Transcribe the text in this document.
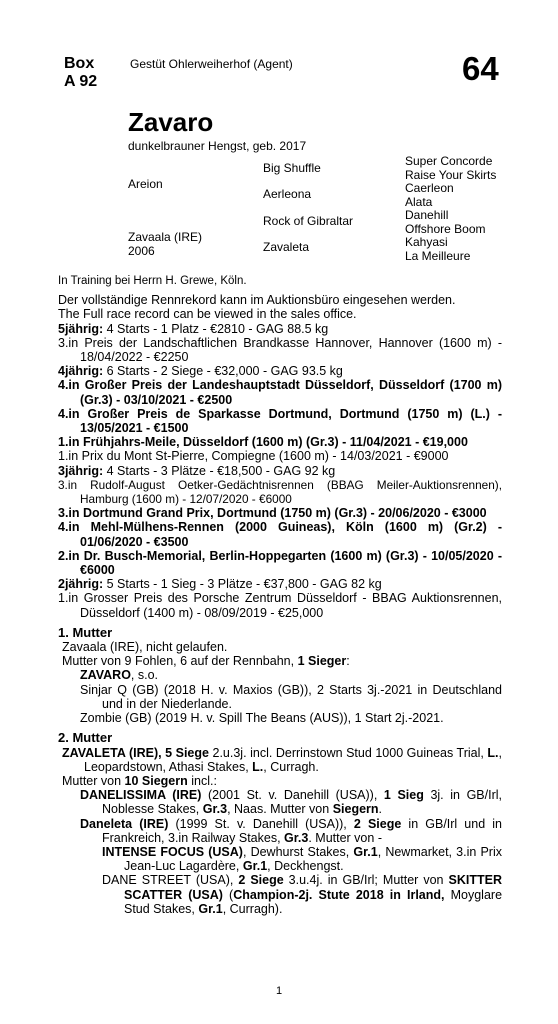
Box
A 92
Gestüt Ohlerweiherhof (Agent)	64
Zavaro
dunkelbrauner Hengst, geb. 2017
Areion
Zavaala (IRE)
2006
Big Shuffle
Aerleona
Rock of Gibraltar
Zavaleta
Super Concorde
Raise Your Skirts
Caerleon
Alata
Danehill
Offshore Boom
Kahyasi
La Meilleure

In Training bei Herrn H. Grewe, Köln.

Der vollständige Rennrekord kann im Auktionsbüro eingesehen werden.

The Full race record can be viewed in the sales office.

5jährig: 4 Starts - 1 Platz - €2810 - GAG 88.5 kg

3.in Preis der Landschaftlichen Brandkasse Hannover, Hannover (1600 m) - 18/04/2022 - €2250

4jährig: 6 Starts - 2 Siege - €32,000 - GAG 93.5 kg

4.in Großer Preis der Landeshauptstadt Düsseldorf, Düsseldorf (1700 m) (Gr.3) - 03/10/2021 - €2500

4.in Großer Preis de Sparkasse Dortmund, Dortmund (1750 m) (L.) - 13/05/2021 - €1500

1.in Frühjahrs-Meile, Düsseldorf (1600 m) (Gr.3) - 11/04/2021 - €19,000

1.in Prix du Mont St-Pierre, Compiegne (1600 m) - 14/03/2021 - €9000

3jährig: 4 Starts - 3 Plätze - €18,500 - GAG 92 kg

3.in Rudolf-August Oetker-Gedächtnisrennen (BBAG Meiler-Auktionsrennen), Hamburg (1600 m) - 12/07/2020 - €6000

3.in Dortmund Grand Prix, Dortmund (1750 m) (Gr.3) - 20/06/2020 - €3000

4.in Mehl-Mülhens-Rennen (2000 Guineas), Köln (1600 m) (Gr.2) - 01/06/2020 - €3500

2.in Dr. Busch-Memorial, Berlin-Hoppegarten (1600 m) (Gr.3) - 10/05/2020 - €6000

2jährig: 5 Starts - 1 Sieg - 3 Plätze - €37,800 - GAG 82 kg

1.in Grosser Preis des Porsche Zentrum Düsseldorf - BBAG Auktionsrennen, Düsseldorf (1400 m) - 08/09/2019 - €25,000

1. Mutter

Zavaala (IRE), nicht gelaufen.

Mutter von 9 Fohlen, 6 auf der Rennbahn, 1 Sieger:

ZAVARO, s.o.

Sinjar Q (GB) (2018 H. v. Maxios (GB)), 2 Starts 3j.-2021 in Deutschland und in der Niederlande.

Zombie (GB) (2019 H. v. Spill The Beans (AUS)), 1 Start 2j.-2021.

2. Mutter

ZAVALETA (IRE), 5 Siege 2.u.3j. incl. Derrinstown Stud 1000 Guineas Trial, L., Leopardstown, Athasi Stakes, L., Curragh.

Mutter von 10 Siegern incl.:

DANELISSIMA (IRE) (2001 St. v. Danehill (USA)), 1 Sieg 3j. in GB/Irl, Noblesse Stakes, Gr.3, Naas. Mutter von Siegern.

Daneleta (IRE) (1999 St. v. Danehill (USA)), 2 Siege in GB/Irl und in Frankreich, 3.in Railway Stakes, Gr.3. Mutter von -

INTENSE FOCUS (USA), Dewhurst Stakes, Gr.1, Newmarket, 3.in Prix Jean-Luc Lagardère, Gr.1, Deckhengst.

DANE STREET (USA), 2 Siege 3.u.4j. in GB/Irl; Mutter von SKITTER SCATTER (USA) (Champion-2j. Stute 2018 in Irland, Moyglare Stud Stakes, Gr.1, Curragh).

1
